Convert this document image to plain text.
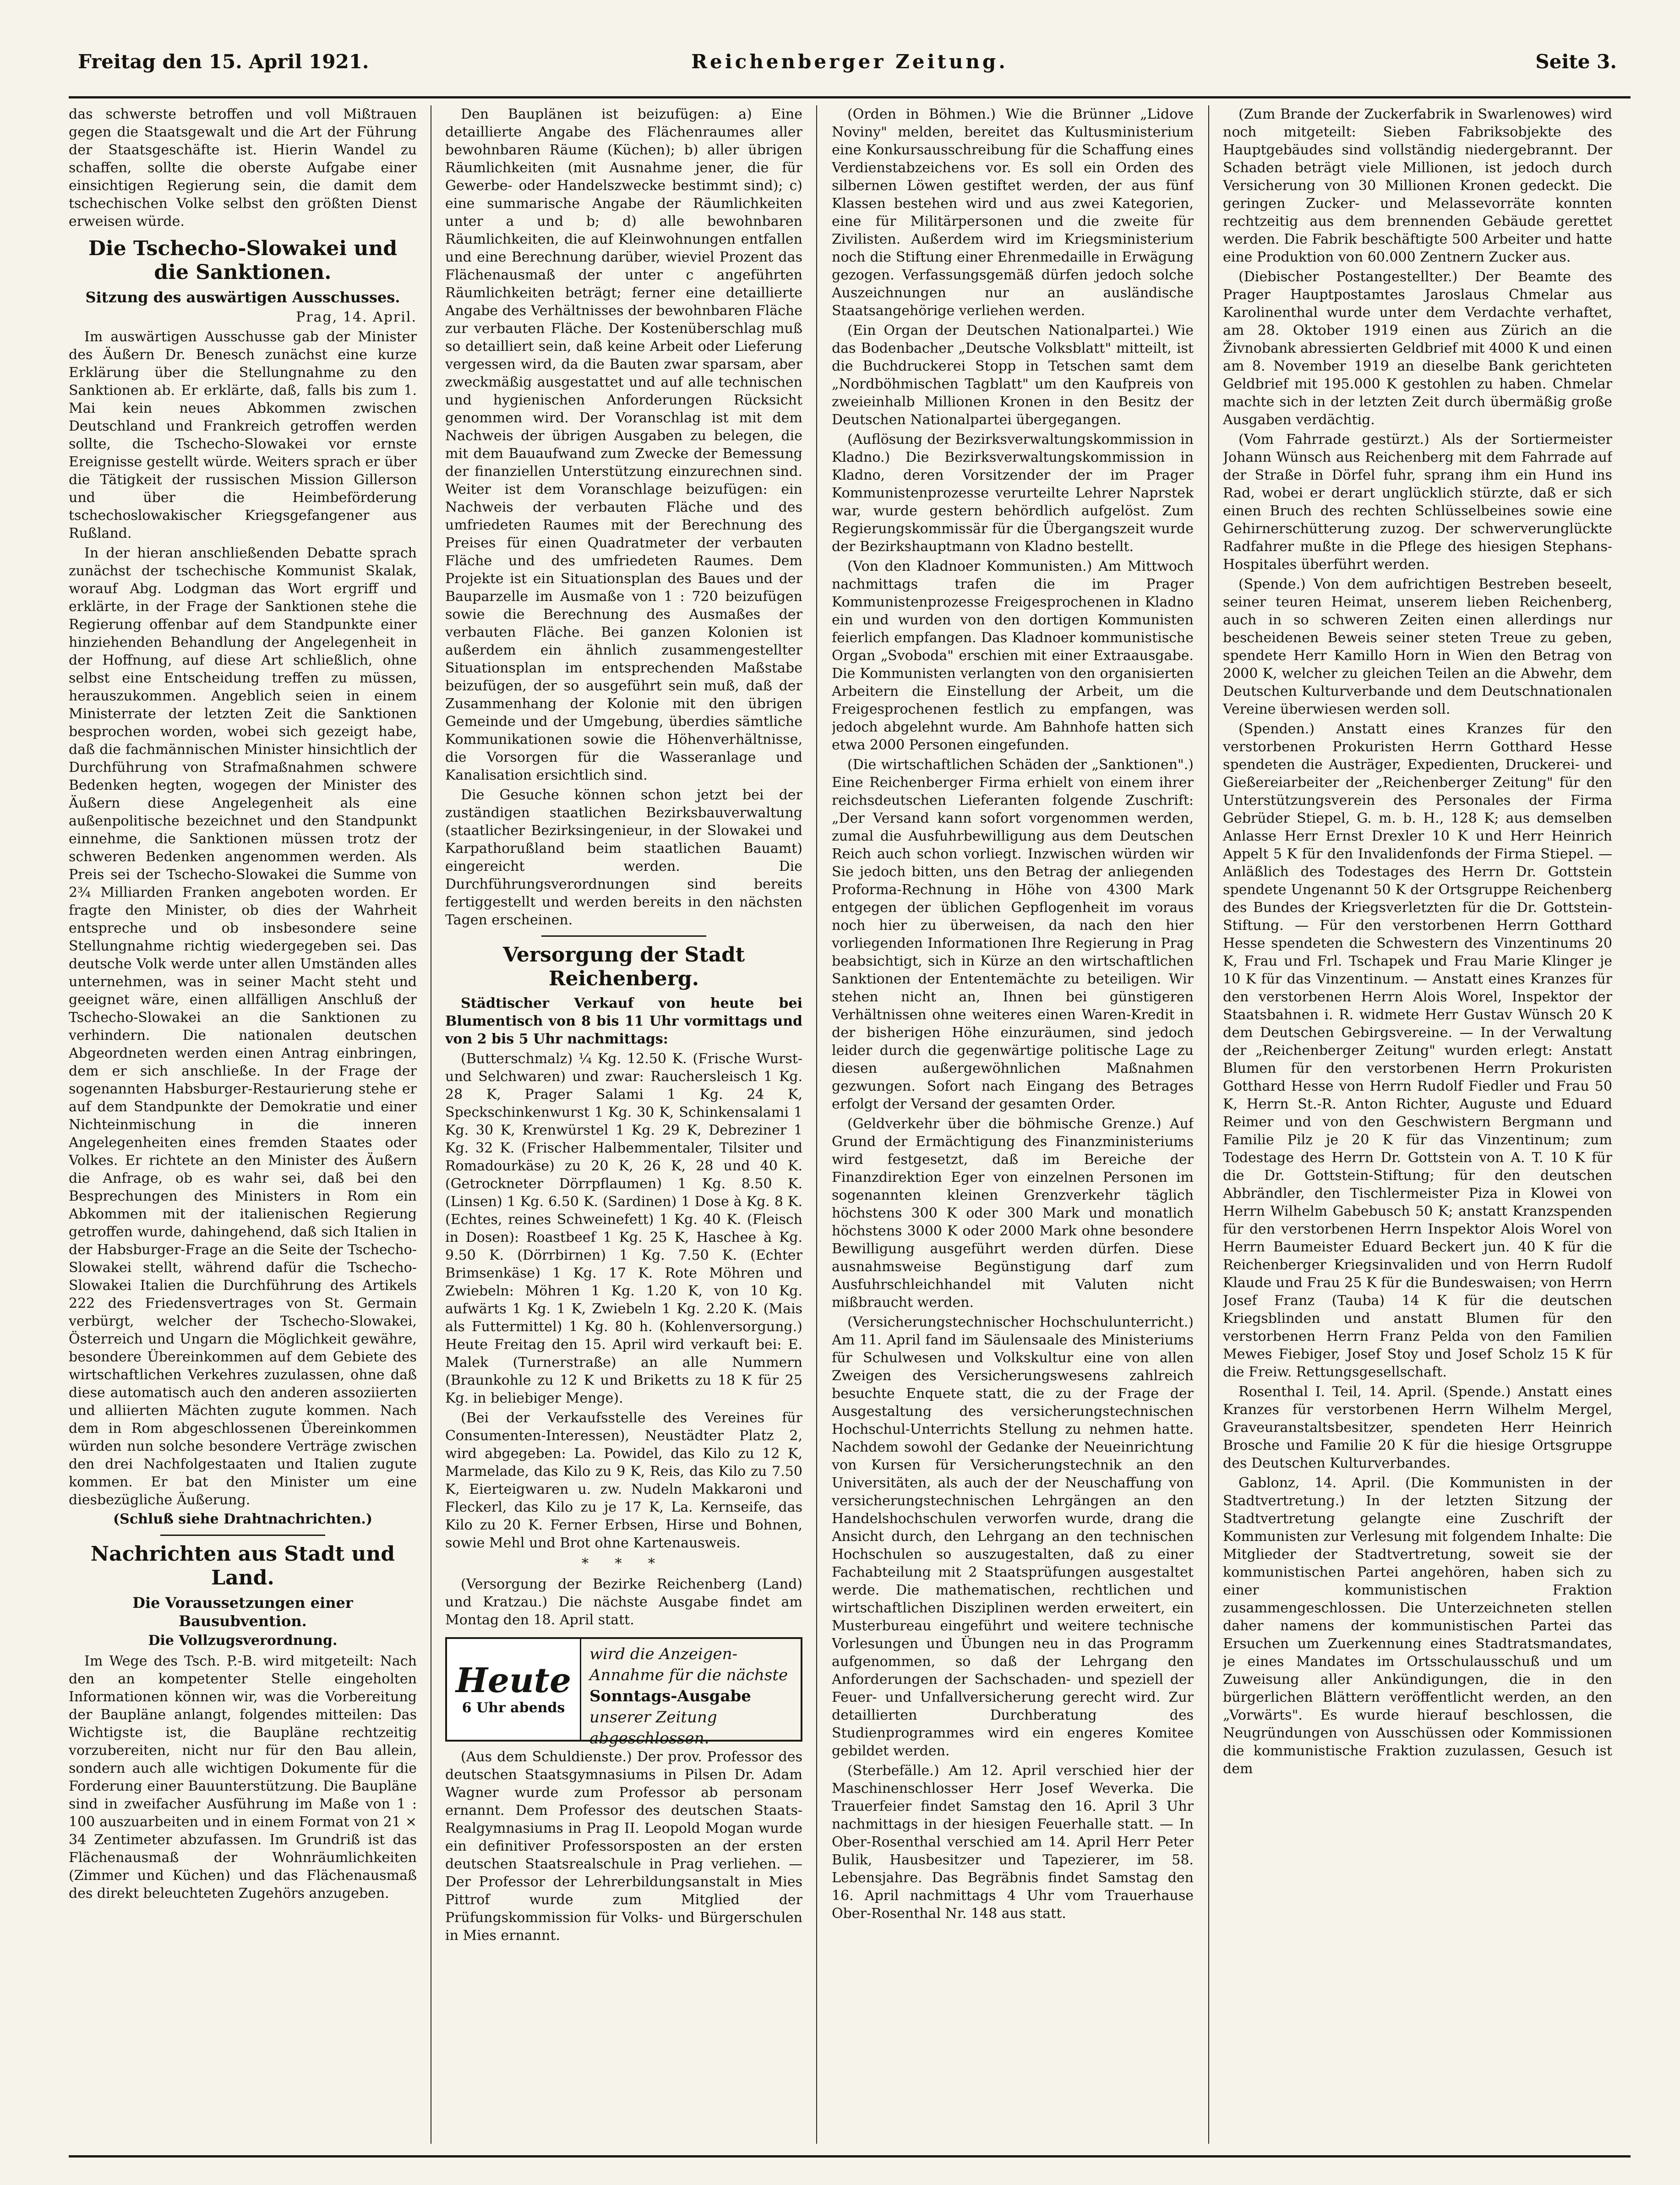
Freitag den 15. April 1921.	Reichenberger Zeitung.	Seite 3.

das schwerste betroffen und voll Mißtrauen gegen die Staatsgewalt und die Art der Führung der Staatsgeschäfte ist. Hierin Wandel zu schaffen, sollte die oberste Aufgabe einer einsichtigen Regierung sein, die damit dem tschechischen Volke selbst den größten Dienst erweisen würde.

Die Tschecho-Slowakei und die Sanktionen.
Sitzung des auswärtigen Ausschusses.
Prag, 14. April.

Im auswärtigen Ausschusse gab der Minister des Äußern Dr. Benesch zunächst eine kurze Erklärung über die Stellungnahme zu den Sanktionen ab. Er erklärte, daß, falls bis zum 1. Mai kein neues Abkommen zwischen Deutschland und Frankreich getroffen werden sollte, die Tschecho-Slowakei vor ernste Ereignisse gestellt würde. Weiters sprach er über die Tätigkeit der russischen Mission Gillerson und über die Heimbeförderung tschechoslowakischer Kriegsgefangener aus Rußland.

In der hieran anschließenden Debatte sprach zunächst der tschechische Kommunist Skalak, worauf Abg. Lodgman das Wort ergriff und erklärte, in der Frage der Sanktionen stehe die Regierung offenbar auf dem Standpunkte einer hinziehenden Behandlung der Angelegenheit in der Hoffnung, auf diese Art schließlich, ohne selbst eine Entscheidung treffen zu müssen, herauszukommen. Angeblich seien in einem Ministerrate der letzten Zeit die Sanktionen besprochen worden, wobei sich gezeigt habe, daß die fachmännischen Minister hinsichtlich der Durchführung von Strafmaßnahmen schwere Bedenken hegten, wogegen der Minister des Äußern diese Angelegenheit als eine außenpolitische bezeichnet und den Standpunkt einnehme, die Sanktionen müssen trotz der schweren Bedenken angenommen werden. Als Preis sei der Tschecho-Slowakei die Summe von 2¾ Milliarden Franken angeboten worden. Er fragte den Minister, ob dies der Wahrheit entspreche und ob insbesondere seine Stellungnahme richtig wiedergegeben sei. Das deutsche Volk werde unter allen Umständen alles unternehmen, was in seiner Macht steht und geeignet wäre, einen allfälligen Anschluß der Tschecho-Slowakei an die Sanktionen zu verhindern. Die nationalen deutschen Abgeordneten werden einen Antrag einbringen, dem er sich anschließe. In der Frage der sogenannten Habsburger-Restaurierung stehe er auf dem Standpunkte der Demokratie und einer Nichteinmischung in die inneren Angelegenheiten eines fremden Staates oder Volkes. Er richtete an den Minister des Äußern die Anfrage, ob es wahr sei, daß bei den Besprechungen des Ministers in Rom ein Abkommen mit der italienischen Regierung getroffen wurde, dahingehend, daß sich Italien in der Habsburger-Frage an die Seite der Tschecho-Slowakei stellt, während dafür die Tschecho-Slowakei Italien die Durchführung des Artikels 222 des Friedensvertrages von St. Germain verbürgt, welcher der Tschecho-Slowakei, Österreich und Ungarn die Möglichkeit gewähre, besondere Übereinkommen auf dem Gebiete des wirtschaftlichen Verkehres zuzulassen, ohne daß diese automatisch auch den anderen assoziierten und alliierten Mächten zugute kommen. Nach dem in Rom abgeschlossenen Übereinkommen würden nun solche besondere Verträge zwischen den drei Nachfolgestaaten und Italien zugute kommen. Er bat den Minister um eine diesbezügliche Äußerung.

(Schluß siehe Drahtnachrichten.)
Nachrichten aus Stadt und Land.
Die Voraussetzungen einer Bausubvention.
Die Vollzugsverordnung.

Im Wege des Tsch. P.-B. wird mitgeteilt: Nach den an kompetenter Stelle eingeholten Informationen können wir, was die Vorbereitung der Baupläne anlangt, folgendes mitteilen: Das Wichtigste ist, die Baupläne rechtzeitig vorzubereiten, nicht nur für den Bau allein, sondern auch alle wichtigen Dokumente für die Forderung einer Bauunterstützung. Die Baupläne sind in zweifacher Ausführung im Maße von 1 : 100 auszuarbeiten und in einem Format von 21 × 34 Zentimeter abzufassen. Im Grundriß ist das Flächenausmaß der Wohnräumlichkeiten (Zimmer und Küchen) und das Flächenausmaß des direkt beleuchteten Zugehörs anzugeben.

Den Bauplänen ist beizufügen: a) Eine detaillierte Angabe des Flächenraumes aller bewohnbaren Räume (Küchen); b) aller übrigen Räumlichkeiten (mit Ausnahme jener, die für Gewerbe- oder Handelszwecke bestimmt sind); c) eine summarische Angabe der Räumlichkeiten unter a und b; d) alle bewohnbaren Räumlichkeiten, die auf Kleinwohnungen entfallen und eine Berechnung darüber, wieviel Prozent das Flächenausmaß der unter c angeführten Räumlichkeiten beträgt; ferner eine detaillierte Angabe des Verhältnisses der bewohnbaren Fläche zur verbauten Fläche. Der Kostenüberschlag muß so detailliert sein, daß keine Arbeit oder Lieferung vergessen wird, da die Bauten zwar sparsam, aber zweckmäßig ausgestattet und auf alle technischen und hygienischen Anforderungen Rücksicht genommen wird. Der Voranschlag ist mit dem Nachweis der übrigen Ausgaben zu belegen, die mit dem Bauaufwand zum Zwecke der Bemessung der finanziellen Unterstützung einzurechnen sind. Weiter ist dem Voranschlage beizufügen: ein Nachweis der verbauten Fläche und des umfriedeten Raumes mit der Berechnung des Preises für einen Quadratmeter der verbauten Fläche und des umfriedeten Raumes. Dem Projekte ist ein Situationsplan des Baues und der Bauparzelle im Ausmaße von 1 : 720 beizufügen sowie die Berechnung des Ausmaßes der verbauten Fläche. Bei ganzen Kolonien ist außerdem ein ähnlich zusammengestellter Situationsplan im entsprechenden Maßstabe beizufügen, der so ausgeführt sein muß, daß der Zusammenhang der Kolonie mit den übrigen Gemeinde und der Umgebung, überdies sämtliche Kommunikationen sowie die Höhenverhältnisse, die Vorsorgen für die Wasseranlage und Kanalisation ersichtlich sind.

Die Gesuche können schon jetzt bei der zuständigen staatlichen Bezirksbauverwaltung (staatlicher Bezirksingenieur, in der Slowakei und Karpathorußland beim staatlichen Bauamt) eingereicht werden. Die Durchführungsverordnungen sind bereits fertiggestellt und werden bereits in den nächsten Tagen erscheinen.

Versorgung der Stadt Reichenberg.

Städtischer Verkauf von heute bei Blumentisch von 8 bis 11 Uhr vormittags und von 2 bis 5 Uhr nachmittags:

(Butterschmalz) ¼ Kg. 12.50 K. (Frische Wurst- und Selchwaren) und zwar: Rauchersleisch 1 Kg. 28 K, Prager Salami 1 Kg. 24 K, Speckschinkenwurst 1 Kg. 30 K, Schinkensalami 1 Kg. 30 K, Krenwürstel 1 Kg. 29 K, Debreziner 1 Kg. 32 K. (Frischer Halbemmentaler, Tilsiter und Romadourkäse) zu 20 K, 26 K, 28 und 40 K. (Getrockneter Dörrpflaumen) 1 Kg. 8.50 K. (Linsen) 1 Kg. 6.50 K. (Sardinen) 1 Dose à Kg. 8 K. (Echtes, reines Schweinefett) 1 Kg. 40 K. (Fleisch in Dosen): Roastbeef 1 Kg. 25 K, Haschee à Kg. 9.50 K. (Dörrbirnen) 1 Kg. 7.50 K. (Echter Brimsenkäse) 1 Kg. 17 K. Rote Möhren und Zwiebeln: Möhren 1 Kg. 1.20 K, von 10 Kg. aufwärts 1 Kg. 1 K, Zwiebeln 1 Kg. 2.20 K. (Mais als Futtermittel) 1 Kg. 80 h. (Kohlenversorgung.) Heute Freitag den 15. April wird verkauft bei: E. Malek (Turnerstraße) an alle Nummern (Braunkohle zu 12 K und Briketts zu 18 K für 25 Kg. in beliebiger Menge).

(Bei der Verkaufsstelle des Vereines für Consumenten-Interessen), Neustädter Platz 2, wird abgegeben: La. Powidel, das Kilo zu 12 K, Marmelade, das Kilo zu 9 K, Reis, das Kilo zu 7.50 K, Eierteigwaren u. zw. Nudeln Makkaroni und Fleckerl, das Kilo zu je 17 K, La. Kernseife, das Kilo zu 20 K. Ferner Erbsen, Hirse und Bohnen, sowie Mehl und Brot ohne Kartenausweis.

* * *

(Versorgung der Bezirke Reichenberg (Land) und Kratzau.) Die nächste Ausgabe findet am Montag den 18. April statt.

Heute
6 Uhr abends
wird die Anzeigen-Annahme für die nächste Sonntags-Ausgabe unserer Zeitung abgeschlossen.

(Aus dem Schuldienste.) Der prov. Professor des deutschen Staatsgymnasiums in Pilsen Dr. Adam Wagner wurde zum Professor ab personam ernannt. Dem Professor des deutschen Staats-Realgymnasiums in Prag II. Leopold Mogan wurde ein definitiver Professorsposten an der ersten deutschen Staatsrealschule in Prag verliehen. — Der Professor der Lehrerbildungsanstalt in Mies Pittrof wurde zum Mitglied der Prüfungskommission für Volks- und Bürgerschulen in Mies ernannt.

(Orden in Böhmen.) Wie die Brünner „Lidove Noviny" melden, bereitet das Kultusministerium eine Konkursausschreibung für die Schaffung eines Verdienstabzeichens vor. Es soll ein Orden des silbernen Löwen gestiftet werden, der aus fünf Klassen bestehen wird und aus zwei Kategorien, eine für Militärpersonen und die zweite für Zivilisten. Außerdem wird im Kriegsministerium noch die Stiftung einer Ehrenmedaille in Erwägung gezogen. Verfassungsgemäß dürfen jedoch solche Auszeichnungen nur an ausländische Staatsangehörige verliehen werden.

(Ein Organ der Deutschen Nationalpartei.) Wie das Bodenbacher „Deutsche Volksblatt" mitteilt, ist die Buchdruckerei Stopp in Tetschen samt dem „Nordböhmischen Tagblatt" um den Kaufpreis von zweieinhalb Millionen Kronen in den Besitz der Deutschen Nationalpartei übergegangen.

(Auflösung der Bezirksverwaltungskommission in Kladno.) Die Bezirksverwaltungskommission in Kladno, deren Vorsitzender der im Prager Kommunistenprozesse verurteilte Lehrer Naprstek war, wurde gestern behördlich aufgelöst. Zum Regierungskommissär für die Übergangszeit wurde der Bezirkshauptmann von Kladno bestellt.

(Von den Kladnoer Kommunisten.) Am Mittwoch nachmittags trafen die im Prager Kommunistenprozesse Freigesprochenen in Kladno ein und wurden von den dortigen Kommunisten feierlich empfangen. Das Kladnoer kommunistische Organ „Svoboda" erschien mit einer Extraausgabe. Die Kommunisten verlangten von den organisierten Arbeitern die Einstellung der Arbeit, um die Freigesprochenen festlich zu empfangen, was jedoch abgelehnt wurde. Am Bahnhofe hatten sich etwa 2000 Personen eingefunden.

(Die wirtschaftlichen Schäden der „Sanktionen".) Eine Reichenberger Firma erhielt von einem ihrer reichsdeutschen Lieferanten folgende Zuschrift: „Der Versand kann sofort vorgenommen werden, zumal die Ausfuhrbewilligung aus dem Deutschen Reich auch schon vorliegt. Inzwischen würden wir Sie jedoch bitten, uns den Betrag der anliegenden Proforma-Rechnung in Höhe von 4300 Mark entgegen der üblichen Gepflogenheit im voraus noch hier zu überweisen, da nach den hier vorliegenden Informationen Ihre Regierung in Prag beabsichtigt, sich in Kürze an den wirtschaftlichen Sanktionen der Ententemächte zu beteiligen. Wir stehen nicht an, Ihnen bei günstigeren Verhältnissen ohne weiteres einen Waren-Kredit in der bisherigen Höhe einzuräumen, sind jedoch leider durch die gegenwärtige politische Lage zu diesen außergewöhnlichen Maßnahmen gezwungen. Sofort nach Eingang des Betrages erfolgt der Versand der gesamten Order.

(Geldverkehr über die böhmische Grenze.) Auf Grund der Ermächtigung des Finanzministeriums wird festgesetzt, daß im Bereiche der Finanzdirektion Eger von einzelnen Personen im sogenannten kleinen Grenzverkehr täglich höchstens 300 K oder 300 Mark und monatlich höchstens 3000 K oder 2000 Mark ohne besondere Bewilligung ausgeführt werden dürfen. Diese ausnahmsweise Begünstigung darf zum Ausfuhrschleichhandel mit Valuten nicht mißbraucht werden.

(Versicherungstechnischer Hochschulunterricht.) Am 11. April fand im Säulensaale des Ministeriums für Schulwesen und Volkskultur eine von allen Zweigen des Versicherungswesens zahlreich besuchte Enquete statt, die zu der Frage der Ausgestaltung des versicherungstechnischen Hochschul-Unterrichts Stellung zu nehmen hatte. Nachdem sowohl der Gedanke der Neueinrichtung von Kursen für Versicherungstechnik an den Universitäten, als auch der der Neuschaffung von versicherungstechnischen Lehrgängen an den Handelshochschulen verworfen wurde, drang die Ansicht durch, den Lehrgang an den technischen Hochschulen so auszugestalten, daß zu einer Fachabteilung mit 2 Staatsprüfungen ausgestaltet werde. Die mathematischen, rechtlichen und wirtschaftlichen Disziplinen werden erweitert, ein Musterbureau eingeführt und weitere technische Vorlesungen und Übungen neu in das Programm aufgenommen, so daß der Lehrgang den Anforderungen der Sachschaden- und speziell der Feuer- und Unfallversicherung gerecht wird. Zur detaillierten Durchberatung des Studienprogrammes wird ein engeres Komitee gebildet werden.

(Sterbefälle.) Am 12. April verschied hier der Maschinenschlosser Herr Josef Weverka. Die Trauerfeier findet Samstag den 16. April 3 Uhr nachmittags in der hiesigen Feuerhalle statt. — In Ober-Rosenthal verschied am 14. April Herr Peter Bulik, Hausbesitzer und Tapezierer, im 58. Lebensjahre. Das Begräbnis findet Samstag den 16. April nachmittags 4 Uhr vom Trauerhause Ober-Rosenthal Nr. 148 aus statt.

(Zum Brande der Zuckerfabrik in Swarlenowes) wird noch mitgeteilt: Sieben Fabriksobjekte des Hauptgebäudes sind vollständig niedergebrannt. Der Schaden beträgt viele Millionen, ist jedoch durch Versicherung von 30 Millionen Kronen gedeckt. Die geringen Zucker- und Melassevorräte konnten rechtzeitig aus dem brennenden Gebäude gerettet werden. Die Fabrik beschäftigte 500 Arbeiter und hatte eine Produktion von 60.000 Zentnern Zucker aus.

(Diebischer Postangestellter.) Der Beamte des Prager Hauptpostamtes Jaroslaus Chmelar aus Karolinenthal wurde unter dem Verdachte verhaftet, am 28. Oktober 1919 einen aus Zürich an die Živnobank abressierten Geldbrief mit 4000 K und einen am 8. November 1919 an dieselbe Bank gerichteten Geldbrief mit 195.000 K gestohlen zu haben. Chmelar machte sich in der letzten Zeit durch übermäßig große Ausgaben verdächtig.

(Vom Fahrrade gestürzt.) Als der Sortiermeister Johann Wünsch aus Reichenberg mit dem Fahrrade auf der Straße in Dörfel fuhr, sprang ihm ein Hund ins Rad, wobei er derart unglücklich stürzte, daß er sich einen Bruch des rechten Schlüsselbeines sowie eine Gehirnerschütterung zuzog. Der schwerverunglückte Radfahrer mußte in die Pflege des hiesigen Stephans-Hospitales überführt werden.

(Spende.) Von dem aufrichtigen Bestreben beseelt, seiner teuren Heimat, unserem lieben Reichenberg, auch in so schweren Zeiten einen allerdings nur bescheidenen Beweis seiner steten Treue zu geben, spendete Herr Kamillo Horn in Wien den Betrag von 2000 K, welcher zu gleichen Teilen an die Abwehr, dem Deutschen Kulturverbande und dem Deutschnationalen Vereine überwiesen werden soll.

(Spenden.) Anstatt eines Kranzes für den verstorbenen Prokuristen Herrn Gotthard Hesse spendeten die Austräger, Expedienten, Druckerei- und Gießereiarbeiter der „Reichenberger Zeitung" für den Unterstützungsverein des Personales der Firma Gebrüder Stiepel, G. m. b. H., 128 K; aus demselben Anlasse Herr Ernst Drexler 10 K und Herr Heinrich Appelt 5 K für den Invalidenfonds der Firma Stiepel. — Anläßlich des Todestages des Herrn Dr. Gottstein spendete Ungenannt 50 K der Ortsgruppe Reichenberg des Bundes der Kriegsverletzten für die Dr. Gottstein-Stiftung. — Für den verstorbenen Herrn Gotthard Hesse spendeten die Schwestern des Vinzentinums 20 K, Frau und Frl. Tschapek und Frau Marie Klinger je 10 K für das Vinzentinum. — Anstatt eines Kranzes für den verstorbenen Herrn Alois Worel, Inspektor der Staatsbahnen i. R. widmete Herr Gustav Wünsch 20 K dem Deutschen Gebirgsvereine. — In der Verwaltung der „Reichenberger Zeitung" wurden erlegt: Anstatt Blumen für den verstorbenen Herrn Prokuristen Gotthard Hesse von Herrn Rudolf Fiedler und Frau 50 K, Herrn St.-R. Anton Richter, Auguste und Eduard Reimer und von den Geschwistern Bergmann und Familie Pilz je 20 K für das Vinzentinum; zum Todestage des Herrn Dr. Gottstein von A. T. 10 K für die Dr. Gottstein-Stiftung; für den deutschen Abbrändler, den Tischlermeister Piza in Klowei von Herrn Wilhelm Gabebusch 50 K; anstatt Kranzspenden für den verstorbenen Herrn Inspektor Alois Worel von Herrn Baumeister Eduard Beckert jun. 40 K für die Reichenberger Kriegsinvaliden und von Herrn Rudolf Klaude und Frau 25 K für die Bundeswaisen; von Herrn Josef Franz (Tauba) 14 K für die deutschen Kriegsblinden und anstatt Blumen für den verstorbenen Herrn Franz Pelda von den Familien Mewes Fiebiger, Josef Stoy und Josef Scholz 15 K für die Freiw. Rettungsgesellschaft.

Rosenthal I. Teil, 14. April. (Spende.) Anstatt eines Kranzes für verstorbenen Herrn Wilhelm Mergel, Graveuranstaltsbesitzer, spendeten Herr Heinrich Brosche und Familie 20 K für die hiesige Ortsgruppe des Deutschen Kulturverbandes.

Gablonz, 14. April. (Die Kommunisten in der Stadtvertretung.) In der letzten Sitzung der Stadtvertretung gelangte eine Zuschrift der Kommunisten zur Verlesung mit folgendem Inhalte: Die Mitglieder der Stadtvertretung, soweit sie der kommunistischen Partei angehören, haben sich zu einer kommunistischen Fraktion zusammengeschlossen. Die Unterzeichneten stellen daher namens der kommunistischen Partei das Ersuchen um Zuerkennung eines Stadtratsmandates, je eines Mandates im Ortsschulausschuß und um Zuweisung aller Ankündigungen, die in den bürgerlichen Blättern veröffentlicht werden, an den „Vorwärts". Es wurde hierauf beschlossen, die Neugründungen von Ausschüssen oder Kommissionen die kommunistische Fraktion zuzulassen, Gesuch ist dem
